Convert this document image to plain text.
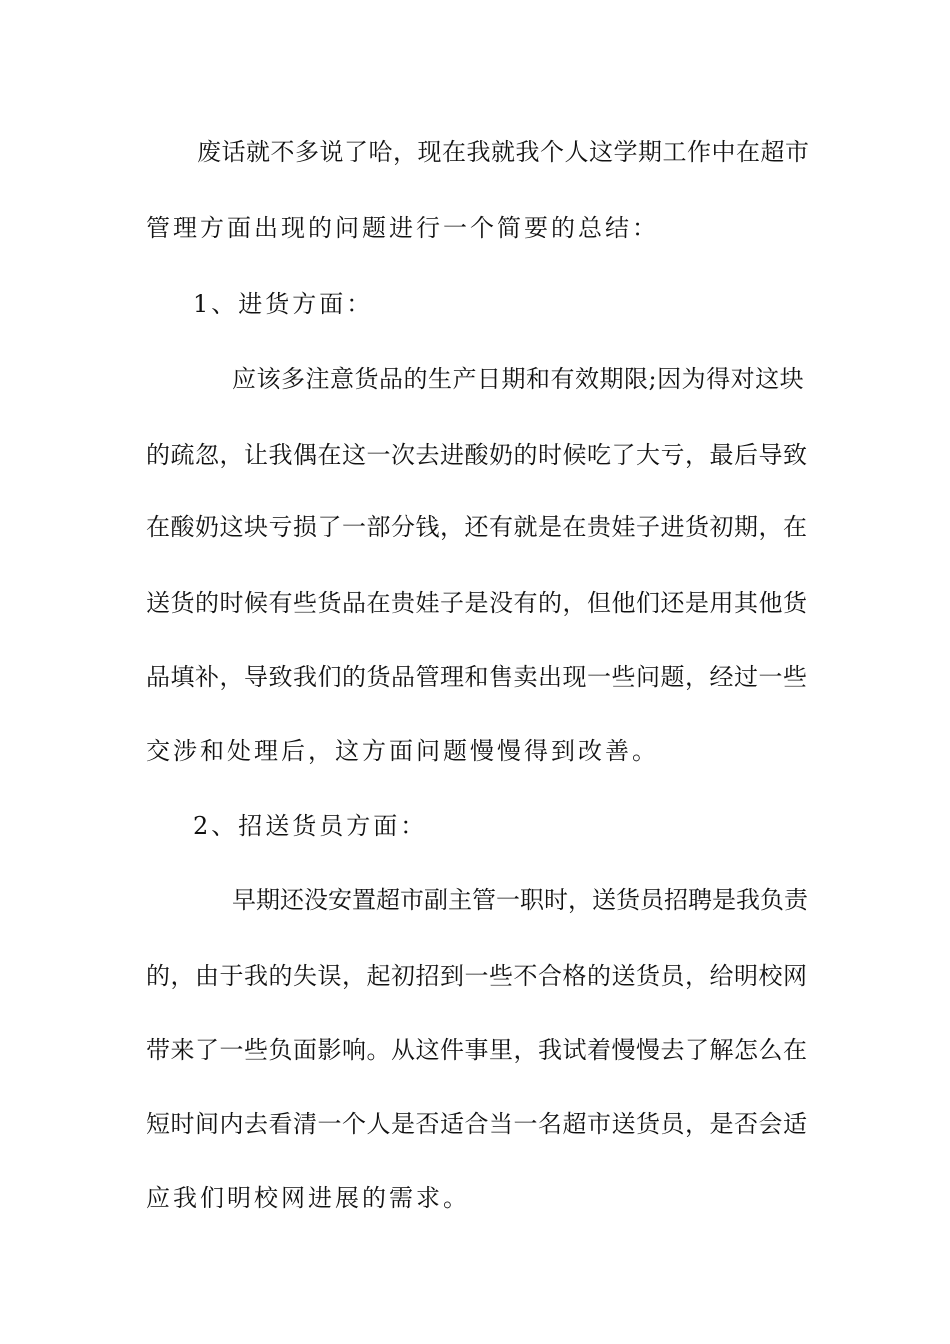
废话就不多说了哈，现在我就我个人这学期工作中在超市
管理方面出现的问题进行一个简要的总结：
1、进货方面：
应该多注意货品的生产日期和有效期限;因为得对这块
的疏忽，让我偶在这一次去进酸奶的时候吃了大亏，最后导致
在酸奶这块亏损了一部分钱，还有就是在贵娃子进货初期，在
送货的时候有些货品在贵娃子是没有的，但他们还是用其他货
品填补，导致我们的货品管理和售卖出现一些问题，经过一些
交涉和处理后，这方面问题慢慢得到改善。
2、招送货员方面：
早期还没安置超市副主管一职时，送货员招聘是我负责
的，由于我的失误，起初招到一些不合格的送货员，给明校网
带来了一些负面影响。从这件事里，我试着慢慢去了解怎么在
短时间内去看清一个人是否适合当一名超市送货员，是否会适
应我们明校网进展的需求。
